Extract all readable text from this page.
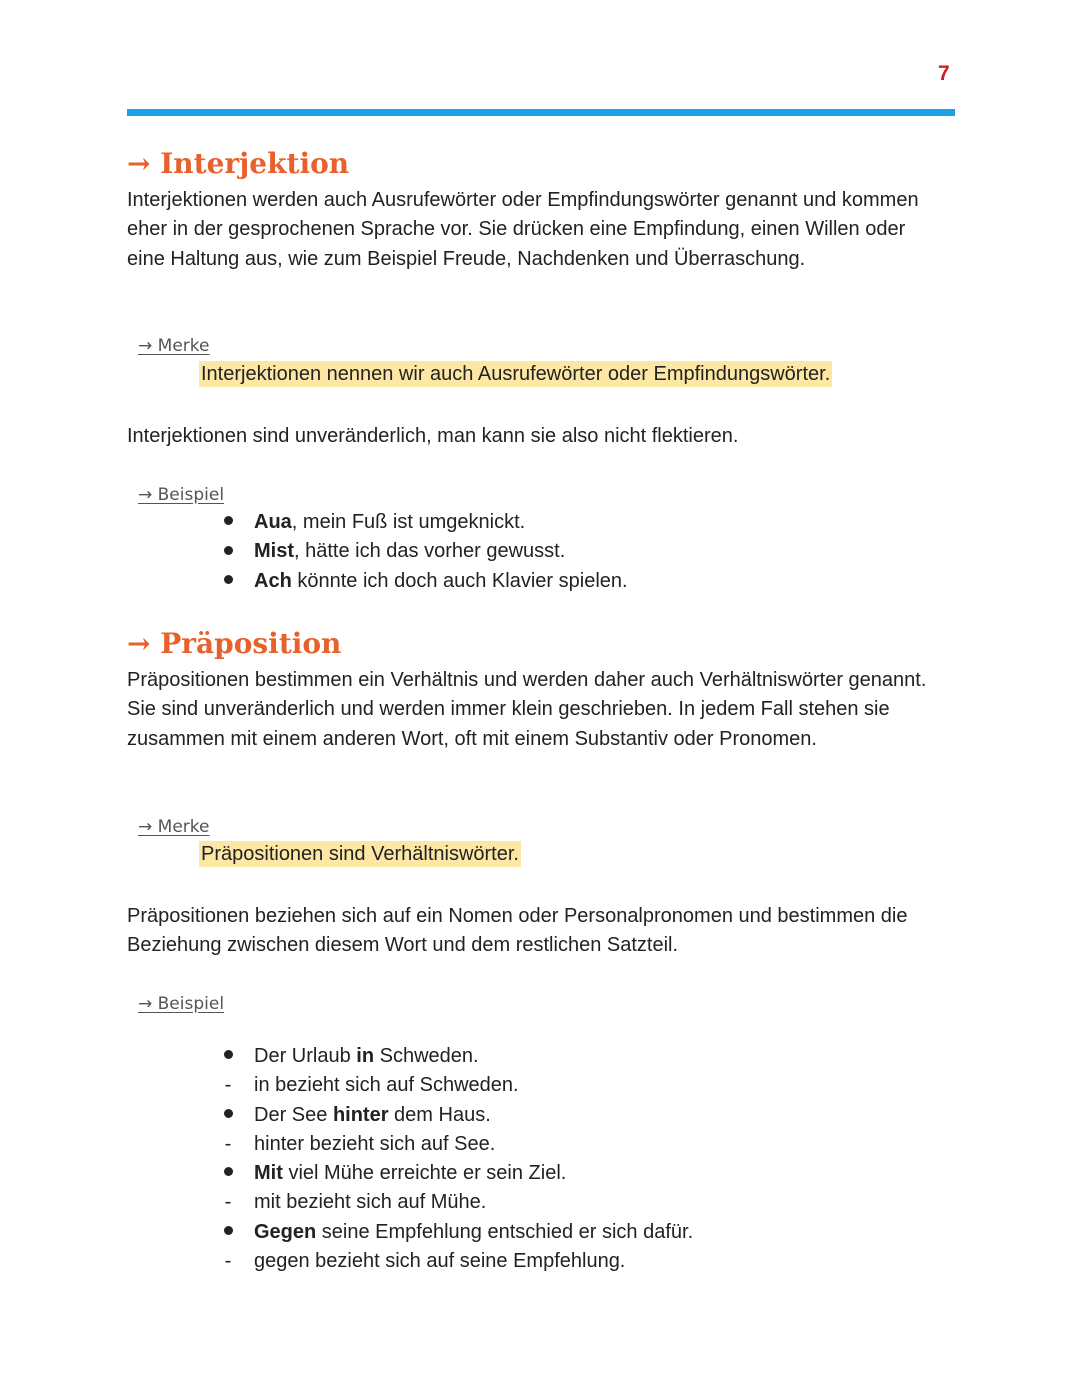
7
→ Interjektion

Interjektionen werden auch Ausrufewörter oder Empfindungswörter genannt und kommen eher in der gesprochenen Sprache vor. Sie drücken eine Empfindung, einen Willen oder eine Haltung aus, wie zum Beispiel Freude, Nachdenken und Überraschung.

→ Merke
Interjektionen nennen wir auch Ausrufewörter oder Empfindungswörter.

Interjektionen sind unveränderlich, man kann sie also nicht flektieren.

→ Beispiel
Aua, mein Fuß ist umgeknickt.
Mist, hätte ich das vorher gewusst.
Ach könnte ich doch auch Klavier spielen.
→ Präposition

Präpositionen bestimmen ein Verhältnis und werden daher auch Verhältniswörter genannt. Sie sind unveränderlich und werden immer klein geschrieben. In jedem Fall stehen sie zusammen mit einem anderen Wort, oft mit einem Substantiv oder Pronomen.

→ Merke
Präpositionen sind Verhältniswörter.

Präpositionen beziehen sich auf ein Nomen oder Personalpronomen und bestimmen die Beziehung zwischen diesem Wort und dem restlichen Satzteil.

→ Beispiel
Der Urlaub in Schweden.
-
in bezieht sich auf Schweden.
Der See hinter dem Haus.
-
hinter bezieht sich auf See.
Mit viel Mühe erreichte er sein Ziel.
-
mit bezieht sich auf Mühe.
Gegen seine Empfehlung entschied er sich dafür.
-
gegen bezieht sich auf seine Empfehlung.
